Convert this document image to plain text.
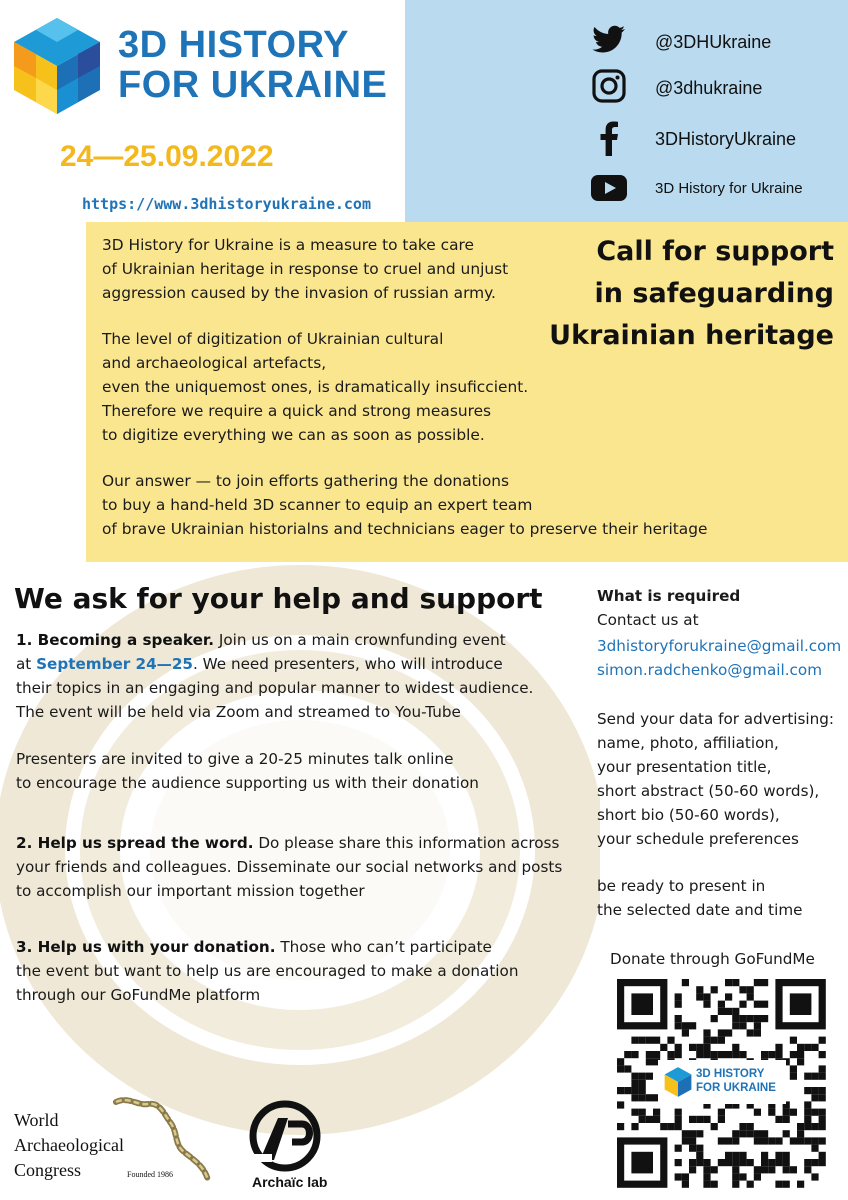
3D HISTORY
FOR UKRAINE
24—25.09.2022
https://www.3dhistoryukraine.com
@3DHUkraine
@3dhukraine
3DHistoryUkraine
3D History for Ukraine
3D History for Ukraine is a measure to take care
of Ukrainian heritage in response to cruel and unjust
aggression caused by the invasion of russian army.
The level of digitization of Ukrainian cultural
and archaeological artefacts,
even the uniquemost ones, is dramatically insuficcient.
Therefore we require a quick and strong measures
to digitize everything we can as soon as possible.
Our answer — to join efforts gathering the donations
to buy a hand-held 3D scanner to equip an expert team
of brave Ukrainian historialns and technicians eager to preserve their heritage
Call for support
in safeguarding
Ukrainian heritage
We ask for your help and support
1. Becoming a speaker. Join us on a main crownfunding event
at September 24—25. We need presenters, who will introduce
their topics in an engaging and popular manner to widest audience.
The event will be held via Zoom and streamed to You-Tube
Presenters are invited to give a 20-25 minutes talk online
to encourage the audience supporting us with their donation
2. Help us spread the word. Do please share this information across
your friends and colleagues. Disseminate our social networks and posts
to accomplish our important mission together
3. Help us with your donation. Those who can’t participate
the event but want to help us are encouraged to make a donation
through our GoFundMe platform
What is required
Contact us at
3dhistoryforukraine@gmail.com
simon.radchenko@gmail.com
Send your data for advertising:
name, photo, affiliation,
your presentation title,
short abstract (50-60 words),
short bio (50-60 words),
your schedule preferences
be ready to present in
the selected date and time
Donate through GoFundMe
3D HISTORY
FOR UKRAINE
World
Archaeological
Congress	Founded 1986	Archaïc lab
